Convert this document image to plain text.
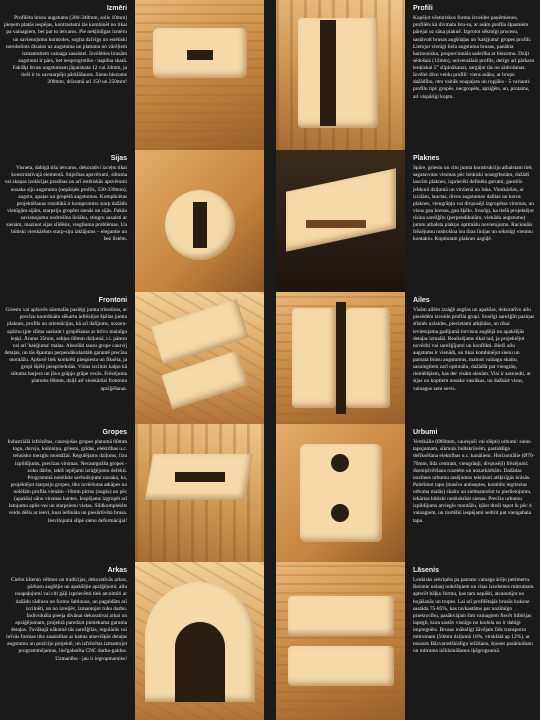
Izmēri
Profilētu brusu augstums (200-340mm, solis 10mm) pieņem platās iespējas, kontrastami tās kombinēt no tikai pa vainagiem, bet pat to ietvaros. Pie nekļūdīgas izmēru un savienojumu kontroles, sogita dzīvīgs un estētiski norobežots dizains uz augstuma un platuma no vārēļiem izmantotiem vainaga sasaistei. Izvēlēties brusām augstumi ir pārs, bet nesprogrotiks - napilna skatā. Fakišķi brusu augstumam jāpaiskata 12 vai 24mm, ja tieši ir to savstarpējo pārklāšanos. Sienu biezums 200mm, drīzumā arī 150 un 250mm!
Profili
Kopējot vēsturiskos formu izveides paņēmienus, profilēts kā divmalu bru-sa, ar asām profila šķautnēm pārejai uz sāna plaknē. Izprotot sēkmīgi procesu, sastāvoti brusas augšdaļas un 'kakļjuma' gropes profili. Lietojot vienīgi liela augstuma brusas, panākta harmoniska, proporcionāla saderība ar biezumu. Dziļi sēdošais (12mm), universālais profils, derīgs arī pārkaru lenķiskai 5° slīpinākanai, sargājot tās no sādrošanas. Izvēlei divu veidu profili: viens asāks, ar bruņu dažādību, otrs vairāk noapaļots un rupjāks - 5 varianti: profilu tipi: gropēs, necgropēts, apziģēts, un, protams, arī vispārīgi koptu.
Sijas
Visneta, dabīgā tiša ietvaros, dekoratīvi izceļts tikai konstruktīvajā elementā. Stiprības apsvērumi, siltuma vai skaņas izolācijas prasības un arī estētiskās apsvērumi nosaka siju augstumu (nepārņēs profils, 230-330mm), augstu, apaļas un gropētā augstumos. Komplicētas projektēšanas rezultātā ir kompromiss starp dažādo vienīgām sijām, starpsiju gropēm sienās un sijās. Pakāu savienojumu nodrošina lielāku, stingru sasaisti ar sienām, mazinot sijas slīdēsis, viegliuma problēmas. Un būtiski vienkāršots starp-siju izklājums – elegantie un bez līstēm.
Plaknes
Spāre, griestu un citu jumta konstrukciju atbalstam tiek sagatavotas virsmas pēc lenkiski nosegrbotām, dažādi laucim plaknes, izpriecēti definēta garumi, gandrīz jebkurā dziļumā un virzienā no loka. Vienkāršas, ar izcilām, lauctas, divos augstumos dalītas un koros plaknes, viengrāņļu vai divpusēji izgropētas virsmas, un visus gan krenas, gan šķēlo. Svarīgi, ka tiešā projektējot rīsina sarežģītu (perpendikulāru, vienādu augstumu) jumtu atbalsta plakņu optimālu novietojumu. Racionāls frēzējumu nodrošina īsu tīras līnijas un sekmīgi vienmu kontaktu. Koptiutam plaknes azgūļē.
Frontoni
Griestu vai apšuvēs sānmalās paslēpj jumta trīsstūros, ar precīzu koordinātu sēkartu iefrēzējot šķēlas jumta plaknes, profils un orientācijas, kā arī dalījums, nozaru-spārnu (pie slīma saskant i gropēšanas ar brīvo mainīgu leņķi. Ārams 35mm, sekļus 60mm dziļumā, t.i. pāmru vai arī 'kakļjuma' malas. Absolūti tausu grope caurvij detaļas, un tās šķautņu perpendikularitāti garantē precīzu montāžu. Apšuvē tiek konkrēti piespiesta un fiksēta, ja gropi šķēlē piespriedošās. Vidus izcilnis kalpo kā siltuma barjera un ļāva grāpju grāpe vecās. Frēzējuma platums 60mm, dziļš arī vienkāršai frontonu apzīģēšanai.
Ailes
Visām ailēm izzāģē augšas un apakšas, dekoratīvo ailu piesēdēm izveido profila gropi. Svarīgi sarežģīti paziņas sīlsnēs uzlaides, piecietami atkļūdas, un tikai ievietojama gadījumā torvisus augšējā un apakšējās detaļas izmalāi. Realizējams tikai tad, ja projektējot novēršti vai sarežģījumi un konflikti. Bieži ailu augstums ir vienādi, un tikai kombinējot sienu un pamata brusu augstumus, mainot vainagu skaitu, sasniegtiem zarī optimālu, dažādāt pat viengrāņ, riemētiķiem, kas der visām sienām. Visi ir sasniedti, ar sijas un koptiem nosaka vasrākas, un dažkārt visus, vainagus zem sevis.
Gropes
Industriālā izfrēzētas, caurejošas gropes platumā 60mm logu, durvju, koloniņu, griestu, grīdas, elektrības u.c. tehnisko mezglu montāžai. Regulējams dziļums, līzu izpildījums, precīzas virsmas. Necaurgožša gropes - zoku dārbs, taklš iepējami izrāģējumu defekti. Programmā noteiktie savbožojumi nosaka, ka, projektējot starpsiju gropes, tiks izvēršotas atkāpes no nolēlām profila vienām -10mm pirms (augša) un pēc (apakša) sānu virsmas kantes. Iespējams izgropēt arī latojumu aplis-vei un starpsienu vietas. Slīdkompleklts veido dēlis ar ieevi, kusi iellināta un piesārtīvēta brusa. Iesvilojumi slīpē sienu deformācijai!
Urbumi
Vertikālie (Ø60mm, caurejoši vai slēpti) urbumi: sienu tapojumam, sīkmuls bultskrūvēm, pastiddīga defiksēšana elektrības u.c. kanāliem. Horizontālie (Ø70-70mm, līdz centram, viengrāņļi, divpusēji) frēzējumi: dzeniņšvēršana rozetēm un nozarkārbām. Dažādas nozīmes urbumu rasējumos tekrāsoti atšķirīgās krāsās. Paleliinot tapu (masīvs antiseptes, kombīts iegrieztas urbuma malās) skaitu un sielmantošot to piedietojumu, iekārtas būtiski nostiuktīsit sienas. Precīzs urbumu izpildījums atvieglo montāžu, kļūst droši tapot ik pēc 4 vainagiem, un tiortiški iespējami sedirit pat viengabala tapu.
Arkas
Ciešot kliento vēlmes un tradīcijas, dekoratīvās arkas, pārkaru augšējie un apakšējie apziģējumi, ailu noapaļojumi vai citi gāļi izpriecēmi tiek atcolmīti ar dažādu rādiusu un formu šablonus, un pagaidām arī izcilnēti, un no izreljēv, izmantojot roku darbu. Individuāla pieeja divānai dekoratīvai arkai un apziģējumam, projektā paredzot pietiekama garuma detaļas. Tuvākajā nākotnē tās sarežģītās, regulārās vai brīvās formas tiks sasaistītas ar katras atsevišķās detaļas augstumu un pozīciju projektē, un izfrēzētas izmantojot programmējamus, liečgabarīta CNC darba-galdus. Uzmanību - jau ir iegropmamies!
Lāsenis
Lenkisks sekriņēts pa pamatu vainaga ārējo perimetru. Bezmie nelauj nokrišņiem un citas izcelsmes mitrumam aptecēt bāļķu formu, kas tam nepāšti, atcanotijot no bojāšanās un trupes. Lai arī profilētajās brusās koksne sastāda 75-85%, kas tavkastātns par nozīmīgo priekrocību, pasākvājam šim vainagiem fiecēt Sibīrijas lapegli, kura sastāv visnīgu no kodola un ir dabīgi impregnēts. Brusas mākslīgi žāvējam līdz transporta mitrumam (50mm dziļumā 18%, virsklātā ap 12%), ar nosauts Bāzvarotiškīslīgu iežūšanu, šņoses pasāmošanu un mitruma izlīdzināšanos iķšgrugsumā.
